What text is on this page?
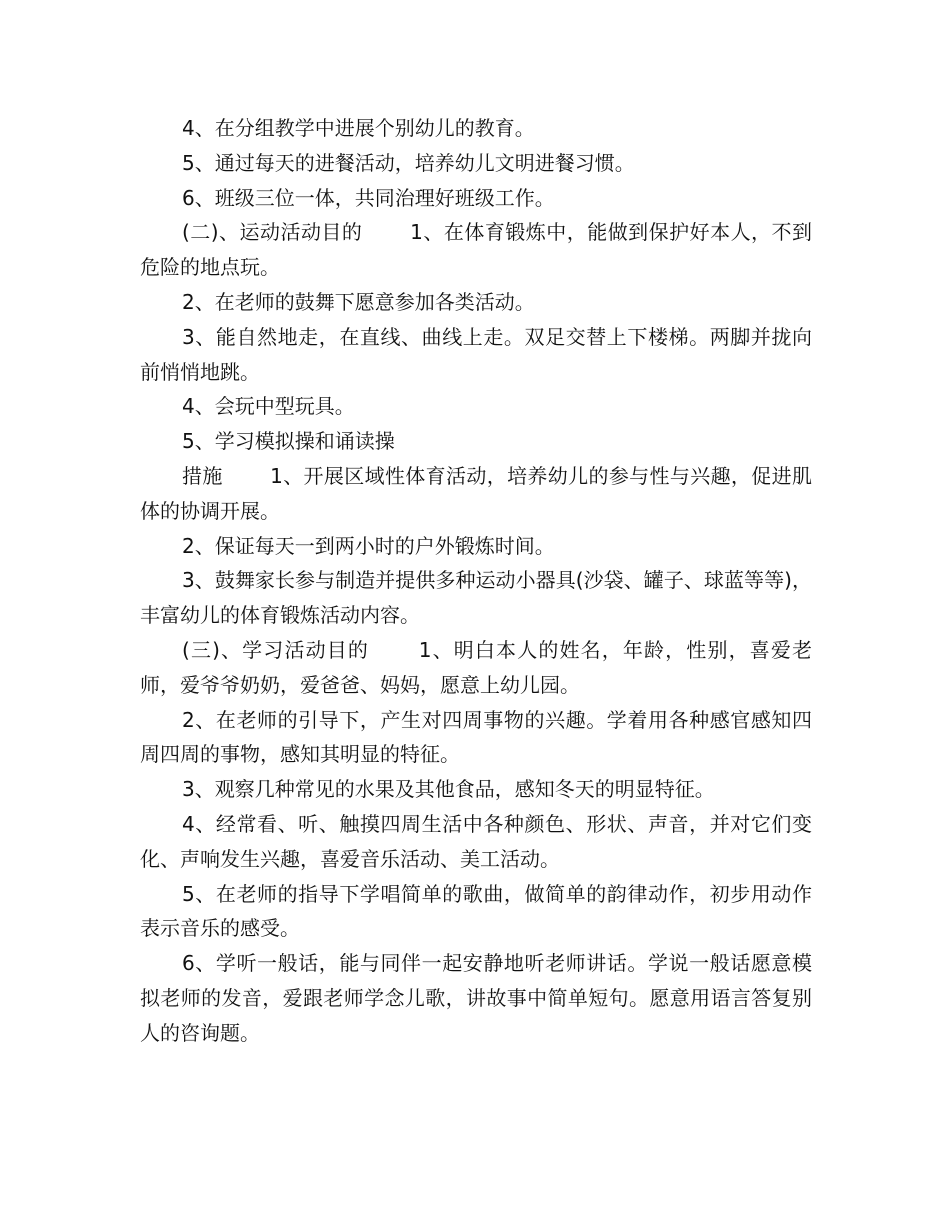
4、在分组教学中进展个别幼儿的教育。

5、通过每天的进餐活动，培养幼儿文明进餐习惯。

6、班级三位一体，共同治理好班级工作。

(二)、运动活动目的　　 1、在体育锻炼中，能做到保护好本人，不到危险的地点玩。

2、在老师的鼓舞下愿意参加各类活动。

3、能自然地走，在直线、曲线上走。双足交替上下楼梯。两脚并拢向前悄悄地跳。

4、会玩中型玩具。

5、学习模拟操和诵读操

措施　　 1、开展区域性体育活动，培养幼儿的参与性与兴趣，促进肌体的协调开展。

2、保证每天一到两小时的户外锻炼时间。

3、鼓舞家长参与制造并提供多种运动小器具(沙袋、罐子、球蓝等等)，丰富幼儿的体育锻炼活动内容。

(三)、学习活动目的　　 1、明白本人的姓名，年龄，性别，喜爱老师，爱爷爷奶奶，爱爸爸、妈妈，愿意上幼儿园。

2、在老师的引导下，产生对四周事物的兴趣。学着用各种感官感知四周四周的事物，感知其明显的特征。

3、观察几种常见的水果及其他食品，感知冬天的明显特征。

4、经常看、听、触摸四周生活中各种颜色、形状、声音，并对它们变化、声响发生兴趣，喜爱音乐活动、美工活动。

5、在老师的指导下学唱简单的歌曲，做简单的韵律动作，初步用动作表示音乐的感受。

6、学听一般话，能与同伴一起安静地听老师讲话。学说一般话愿意模拟老师的发音，爱跟老师学念儿歌，讲故事中简单短句。愿意用语言答复别人的咨询题。
